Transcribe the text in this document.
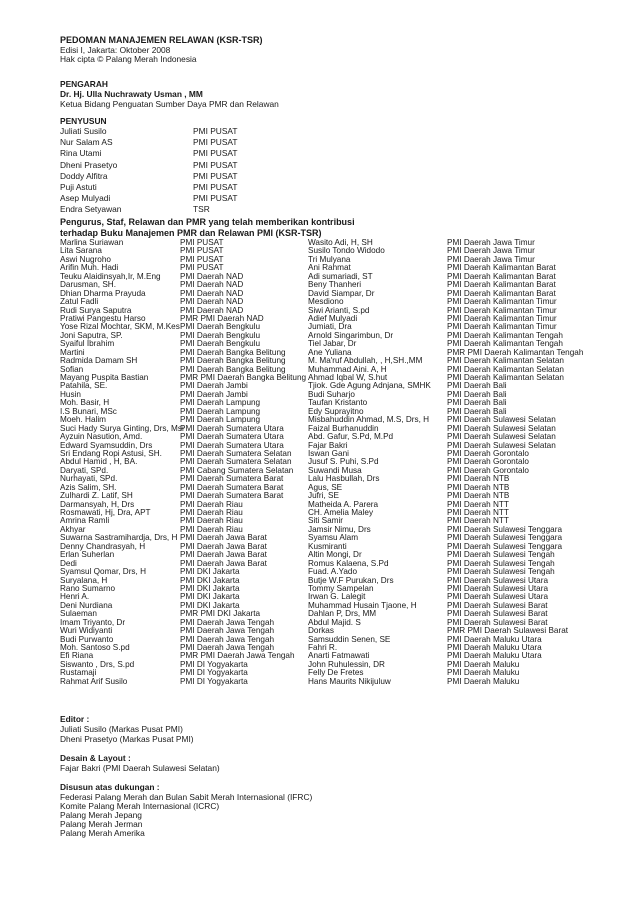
PEDOMAN MANAJEMEN RELAWAN (KSR-TSR)
Edisi I, Jakarta: Oktober 2008
Hak cipta © Palang Merah Indonesia
PENGARAH
Dr. Hj. Ulla Nuchrawaty Usman , MM
Ketua Bidang Penguatan Sumber Daya PMR dan Relawan
PENYUSUN
Juliati Susilo
Nur Salam AS
Rina Utami
Dheni Prasetyo
Doddy Alfitra
Puji Astuti
Asep Mulyadi
Endra Setyawan
PMI PUSAT
PMI PUSAT
PMI PUSAT
PMI PUSAT
PMI PUSAT
PMI PUSAT
PMI PUSAT
TSR
Pengurus, Staf, Relawan dan PMR yang telah memberikan kontribusi
terhadap Buku Manajemen PMR dan Relawan PMI (KSR-TSR)
Marlina Suriawan
Lita Sarana
Aswi Nugroho
Arifin Muh. Hadi
Teuku Alaidinsyah,Ir, M.Eng
Darusman, SH.
Dhian Dharma Prayuda
Zatul Fadli
Rudi Surya Saputra
Pratiwi Pangestu Harso
Yose Rizal Mochtar, SKM, M.Kes
Joni Saputra, SP.
Syaiful Ibrahim
Martini
Radmida Damam SH
Sofian
Mayang Puspita Bastian
Patahila, SE.
Husin
Moh. Basir, H
I.S Bunari, MSc
Moeh. Halim
Suci Hady Surya Ginting, Drs, Msi
Ayzuin Nasution, Amd.
Edward Syamsuddin, Drs
Sri Endang Ropi Astusi, SH.
Abdul Hamid , H, BA.
Daryati, SPd.
Nurhayati, SPd.
Azis Salim, SH.
Zulhardi Z. Latif, SH
Darmansyah, H, Drs
Rosmawati, Hj, Dra, APT
Amrina Ramli
Akhyar
Suwarna Sastramihardja, Drs, H
Denny Chandrasyah, H
Erlan Suherlan
Dedi
Syamsul Qomar, Drs, H
Suryalana, H
Rano Sumarno
Henri A.
Deni Nurdiana
Sulaeman
Imam Triyanto, Dr
Wuri Widiyanti
Budi Purwanto
Moh. Santoso S.pd
Efi Riana
Siswanto , Drs, S.pd
Rustamaji
Rahmat Arif Susilo
PMI PUSAT
PMI PUSAT
PMI PUSAT
PMI PUSAT
PMI Daerah NAD
PMI Daerah NAD
PMI Daerah NAD
PMI Daerah NAD
PMI Daerah NAD
PMR PMI Daerah NAD
PMI Daerah Bengkulu
PMI Daerah Bengkulu
PMI Daerah Bengkulu
PMI Daerah Bangka Belitung
PMI Daerah Bangka Belitung
PMI Daerah Bangka Belitung
PMR PMI Daerah Bangka Belitung
PMI Daerah Jambi
PMI Daerah Jambi
PMI Daerah Lampung
PMI Daerah Lampung
PMI Daerah Lampung
PMI Daerah Sumatera Utara
PMI Daerah Sumatera Utara
PMI Daerah Sumatera Utara
PMI Daerah Sumatera Selatan
PMI Daerah Sumatera Selatan
PMI Cabang Sumatera Selatan
PMI Daerah Sumatera Barat
PMI Daerah Sumatera Barat
PMI Daerah Sumatera Barat
PMI Daerah Riau
PMI Daerah Riau
PMI Daerah Riau
PMI Daerah Riau
PMI Daerah Jawa Barat
PMI Daerah Jawa Barat
PMI Daerah Jawa Barat
PMI Daerah Jawa Barat
PMI DKI Jakarta
PMI DKI Jakarta
PMI DKI Jakarta
PMI DKI Jakarta
PMI DKI Jakarta
PMR PMI DKI Jakarta
PMI Daerah Jawa Tengah
PMI Daerah Jawa Tengah
PMI Daerah Jawa Tengah
PMI Daerah Jawa Tengah
PMR PMI Daerah Jawa Tengah
PMI DI Yogyakarta
PMI DI Yogyakarta
PMI DI Yogyakarta
Wasito Adi, H, SH
Susilo Tondo Widodo
Tri Mulyana
Ani Rahmat
Adi sumariadi, ST
Beny Thanheri
David Siampar, Dr
Mesdiono
Siwi Arianti, S.pd
Adief Mulyadi
Jumiati, Dra
Arnold Singarimbun, Dr
Tiel Jabar, Dr
Ane Yuliana
M. Ma'ruf Abdullah, , H,SH.,MM
Muhammad Aini. A, H
Ahmad Iqbal W, S.hut
Tjiok. Gde Agung Adnjana, SMHK
Budi Suharjo
Taufan Kristanto
Edy Suprayitno
Misbahuddin Ahmad, M.S, Drs, H
Faizal Burhanuddin
Abd. Gafur, S.Pd, M.Pd
Fajar Bakri
Iswan Gani
Jusuf S. Puhi, S.Pd
Suwandi Musa
Lalu Hasbullah, Drs
Agus, SE
Jufri, SE
Matheida A. Parera
CH. Amelia Maley
Siti Samir
Jamsir Nimu, Drs
Syamsu Alam
Kusmiranti
Altin Mongi, Dr
Romus Kalaena, S.Pd
Fuad. A.Yado
Butje W.F Purukan, Drs
Tommy Sampelan
Irwan G. Lalegit
Muhammad Husain Tjaone, H
Dahlan P, Drs, MM
Abdul Majid. S
Dorkas
Samsuddin Senen, SE
Fahri R.
Anarti Fatmawati
John Ruhulessin, DR
Felly De Fretes
Hans Maurits Nikijuluw
PMI Daerah Jawa Timur
PMI Daerah Jawa Timur
PMI Daerah Jawa Timur
PMI Daerah Kalimantan Barat
PMI Daerah Kalimantan Barat
PMI Daerah Kalimantan Barat
PMI Daerah Kalimantan Barat
PMI Daerah Kalimantan Timur
PMI Daerah Kalimantan Timur
PMI Daerah Kalimantan Timur
PMI Daerah Kalimantan Timur
PMI Daerah Kalimantan Tengah
PMI Daerah Kalimantan Tengah
PMR PMI Daerah Kalimantan Tengah
PMI Daerah Kalimantan Selatan
PMI Daerah Kalimantan Selatan
PMI Daerah Kalimantan Selatan
PMI Daerah Bali
PMI Daerah Bali
PMI Daerah Bali
PMI Daerah Bali
PMI Daerah Sulawesi Selatan
PMI Daerah Sulawesi Selatan
PMI Daerah Sulawesi Selatan
PMI Daerah Sulawesi Selatan
PMI Daerah Gorontalo
PMI Daerah Gorontalo
PMI Daerah Gorontalo
PMI Daerah NTB
PMI Daerah NTB
PMI Daerah NTB
PMI Daerah NTT
PMI Daerah NTT
PMI Daerah NTT
PMI Daerah Sulawesi Tenggara
PMI Daerah Sulawesi Tenggara
PMI Daerah Sulawesi Tenggara
PMI Daerah Sulawesi Tengah
PMI Daerah Sulawesi Tengah
PMI Daerah Sulawesi Tengah
PMI Daerah Sulawesi Utara
PMI Daerah Sulawesi Utara
PMI Daerah Sulawesi Utara
PMI Daerah Sulawesi Barat
PMI Daerah Sulawesi Barat
PMI Daerah Sulawesi Barat
PMR PMI Daerah Sulawesi Barat
PMI Daerah Maluku Utara
PMI Daerah Maluku Utara
PMI Daerah Maluku Utara
PMI Daerah Maluku
PMI Daerah Maluku
PMI Daerah Maluku
Editor :
Juliati Susilo (Markas Pusat PMI)
Dheni Prasetyo (Markas Pusat PMI)
Desain & Layout :
Fajar Bakri (PMI Daerah Sulawesi Selatan)
Disusun atas dukungan :
Federasi Palang Merah dan Bulan Sabit Merah Internasional (IFRC)
Komite Palang Merah Internasional (ICRC)
Palang Merah Jepang
Palang Merah Jerman
Palang Merah Amerika
